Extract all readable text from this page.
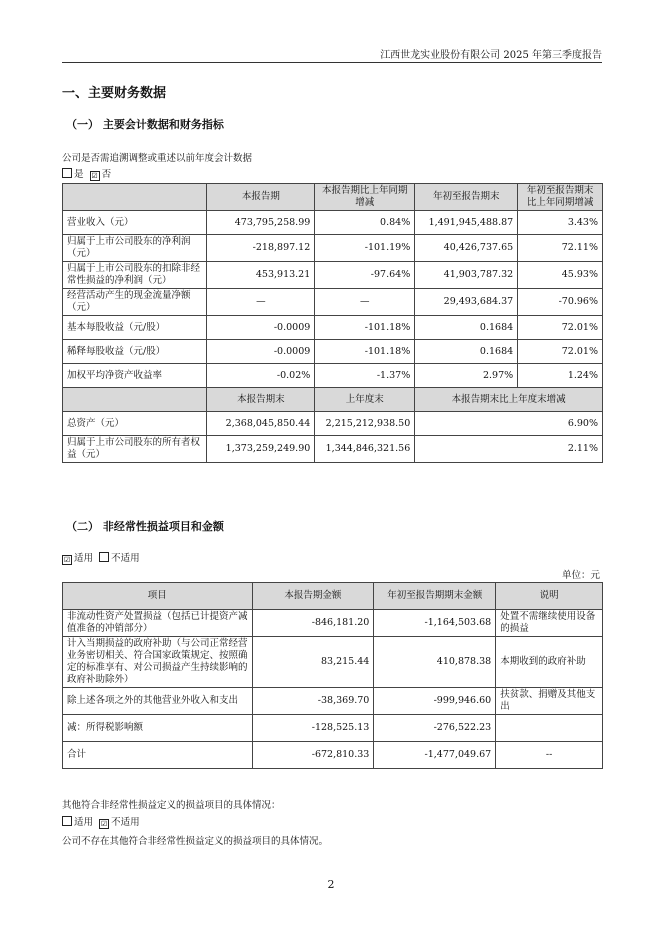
江西世龙实业股份有限公司 2025 年第三季度报告
一、主要财务数据
（一） 主要会计数据和财务指标
公司是否需追溯调整或重述以前年度会计数据
是 ☑ 否
	本报告期	本报告期比上年同期增减	年初至报告期末	年初至报告期末比上年同期增减
营业收入（元）	473,795,258.99	0.84%	1,491,945,488.87	3.43%
归属于上市公司股东的净利润（元）	-218,897.12	-101.19%	40,426,737.65	72.11%
归属于上市公司股东的扣除非经常性损益的净利润（元）	453,913.21	-97.64%	41,903,787.32	45.93%
经营活动产生的现金流量净额（元）	—	—	29,493,684.37	-70.96%
基本每股收益（元/股）	-0.0009	-101.18%	0.1684	72.01%
稀释每股收益（元/股）	-0.0009	-101.18%	0.1684	72.01%
加权平均净资产收益率	-0.02%	-1.37%	2.97%	1.24%
	本报告期末	上年度末	本报告期末比上年度末增减	
总资产（元）	2,368,045,850.44	2,215,212,938.50	6.90%	
归属于上市公司股东的所有者权益（元）	1,373,259,249.90	1,344,846,321.56	2.11%	
（二） 非经常性损益项目和金额
☑ 适用 不适用
单位：元
项目	本报告期金额	年初至报告期期末金额	说明
非流动性资产处置损益（包括已计提资产减值准备的冲销部分）	-846,181.20	-1,164,503.68	处置不需继续使用设备的损益
计入当期损益的政府补助（与公司正常经营业务密切相关、符合国家政策规定、按照确定的标准享有、对公司损益产生持续影响的政府补助除外）	83,215.44	410,878.38	本期收到的政府补助
除上述各项之外的其他营业外收入和支出	-38,369.70	-999,946.60	扶贫款、捐赠及其他支出
减：所得税影响额	-128,525.13	-276,522.23	
合计	-672,810.33	-1,477,049.67	--
其他符合非经常性损益定义的损益项目的具体情况：
适用 ☑ 不适用
公司不存在其他符合非经常性损益定义的损益项目的具体情况。
2
